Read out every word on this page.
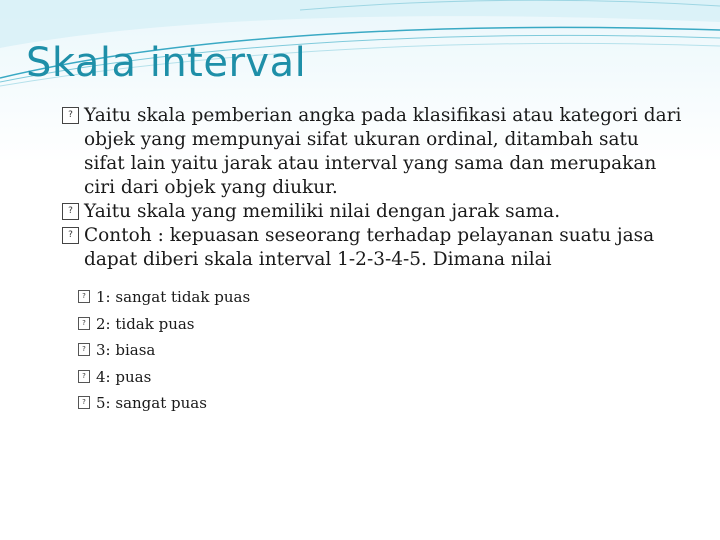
Skala interval
? Yaitu skala pemberian angka pada klasifikasi atau kategori dari objek yang mempunyai sifat ukuran ordinal, ditambah satu sifat lain yaitu jarak atau interval yang sama dan merupakan ciri dari objek yang diukur.
? Yaitu skala yang memiliki nilai dengan jarak sama.
? Contoh : kepuasan seseorang terhadap pelayanan suatu jasa dapat diberi skala interval 1-2-3-4-5. Dimana nilai
? 1: sangat tidak puas
? 2: tidak puas
? 3: biasa
? 4: puas
? 5: sangat puas
